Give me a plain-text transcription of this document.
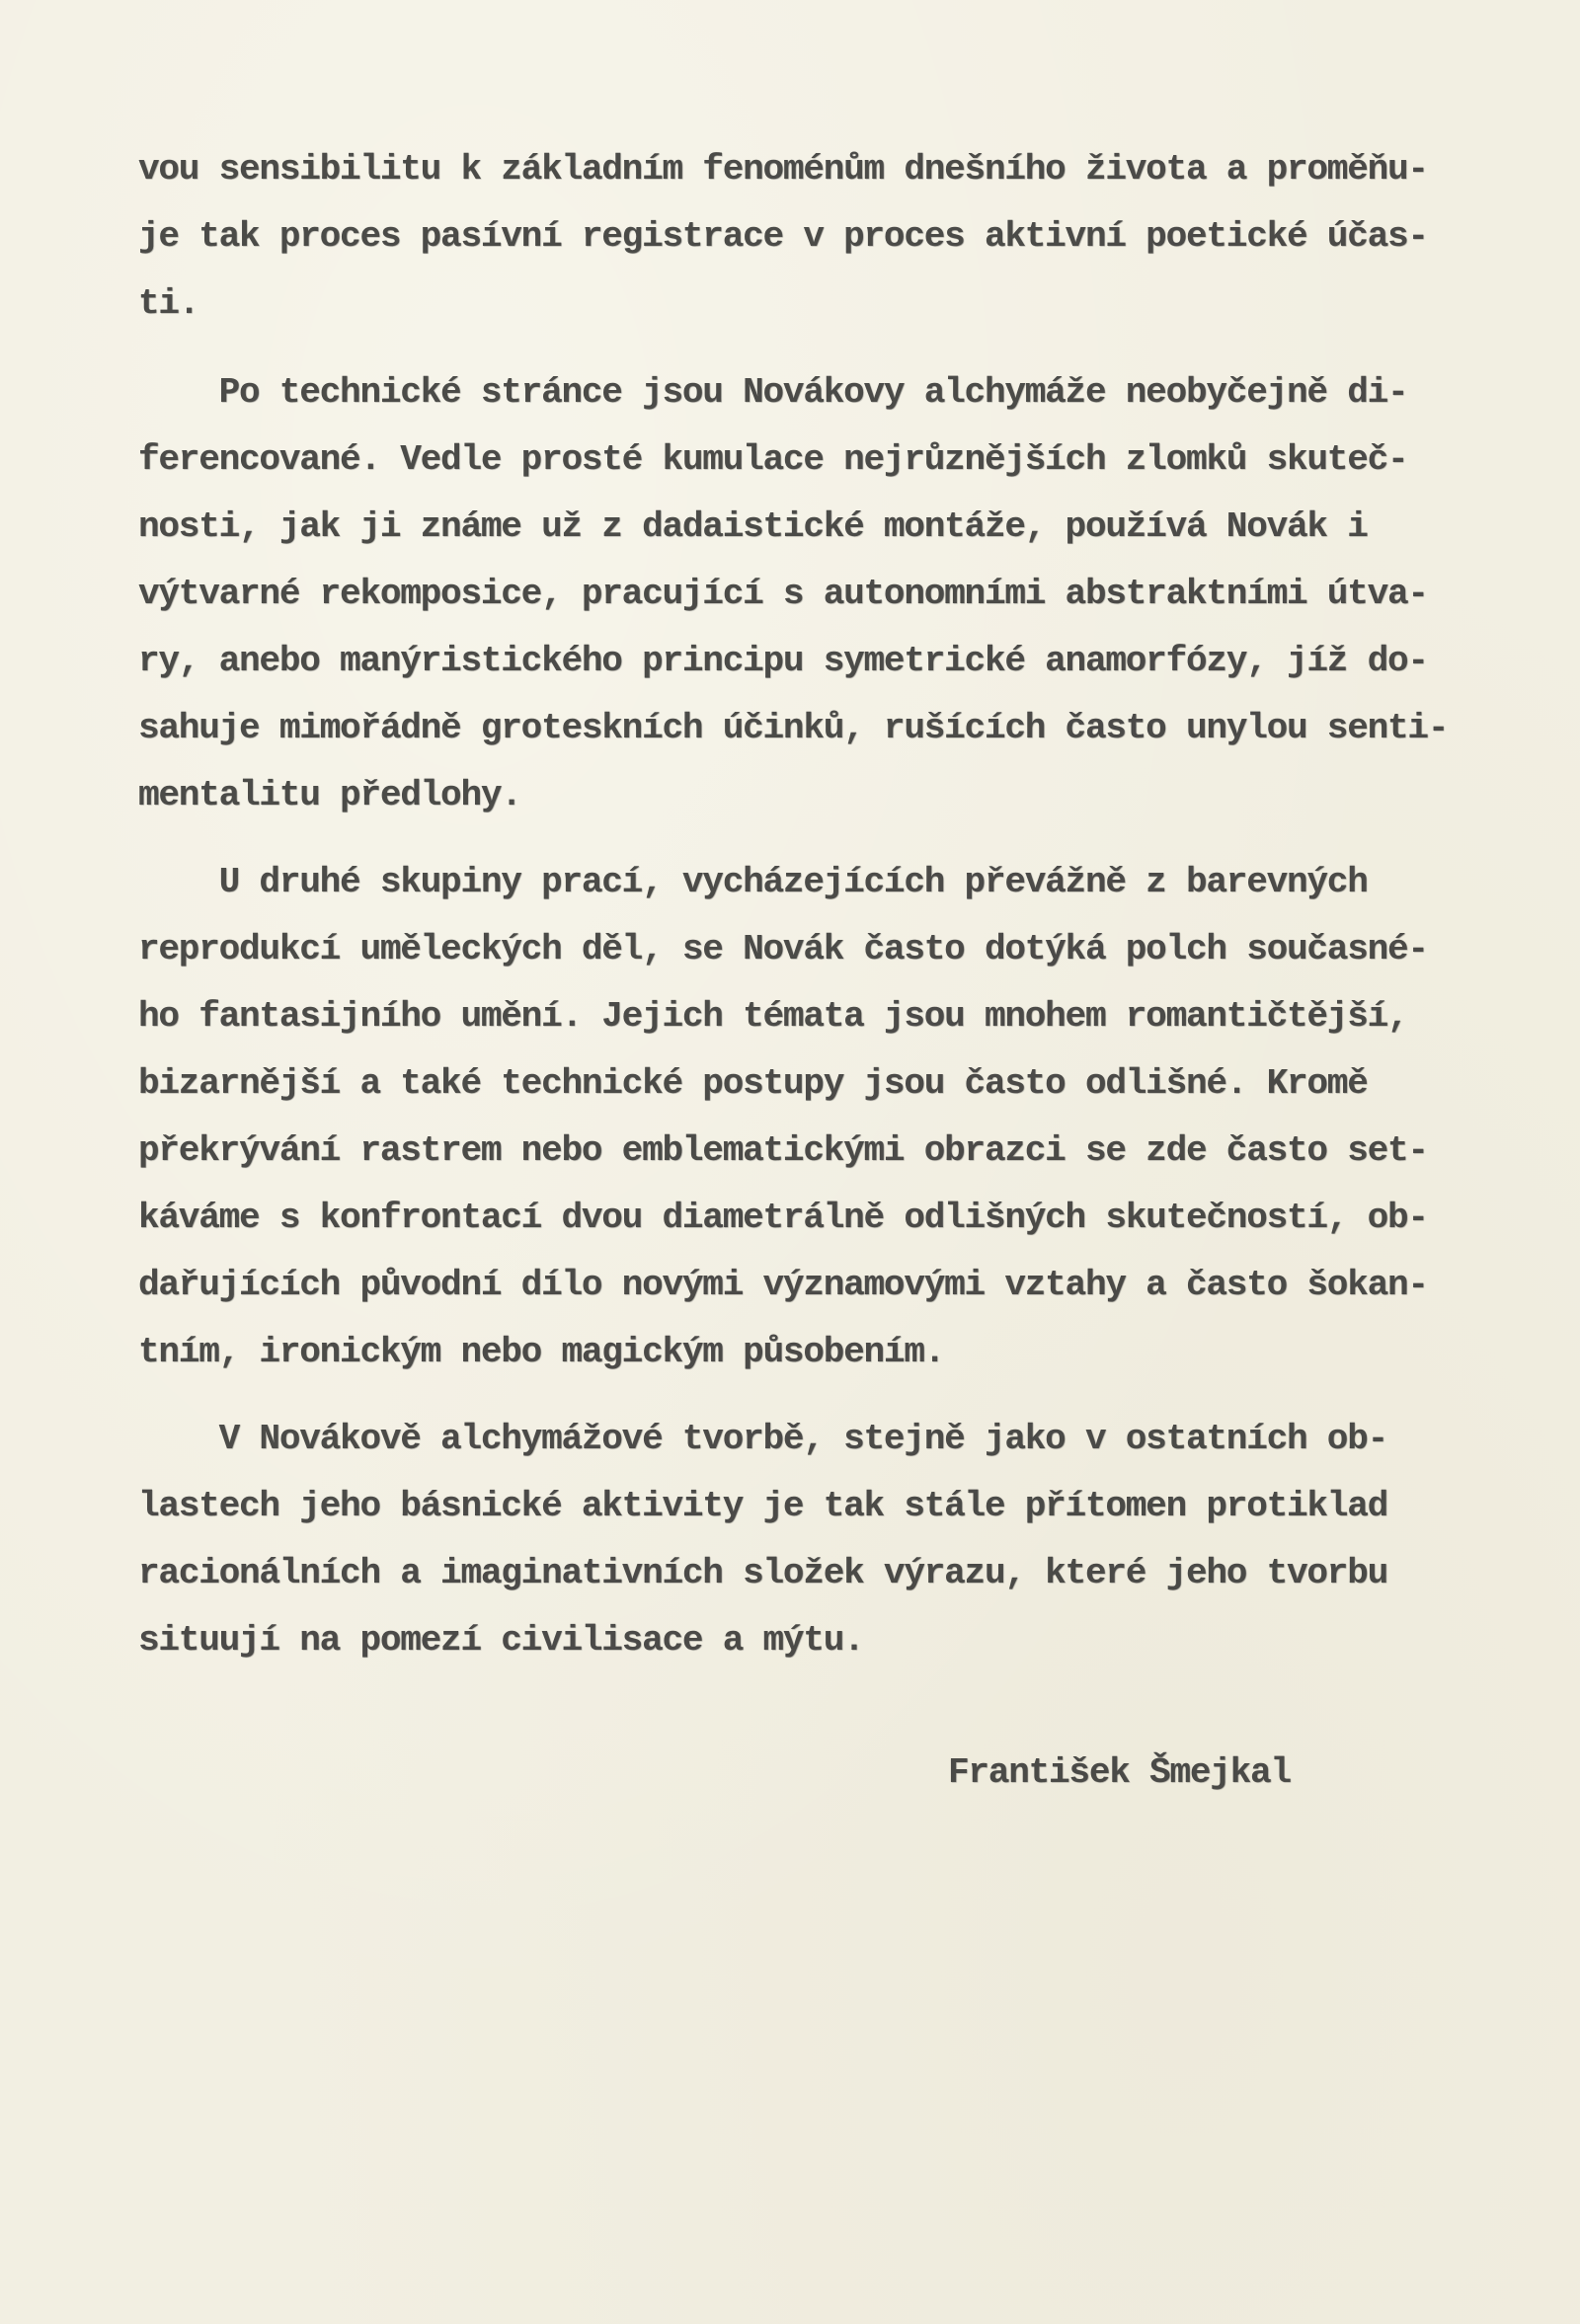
vou sensibilitu k základním fenoménům dnešního života a proměňu-
je tak proces pasívní registrace v proces aktivní poetické účas-
ti.
Po technické stránce jsou Novákovy alchymáže neobyčejně di-
ferencované. Vedle prosté kumulace nejrůznějších zlomků skuteč-
nosti, jak ji známe už z dadaistické montáže, používá Novák i
výtvarné rekomposice, pracující s autonomními abstraktními útva-
ry, anebo manýristického principu symetrické anamorfózy, jíž do-
sahuje mimořádně groteskních účinků, rušících často unylou senti-
mentalitu předlohy.
U druhé skupiny prací, vycházejících převážně z barevných
reprodukcí uměleckých děl, se Novák často dotýká polch současné-
ho fantasijního umění. Jejich témata jsou mnohem romantičtější,
bizarnější a také technické postupy jsou často odlišné. Kromě
překrývání rastrem nebo emblematickými obrazci se zde často set-
káváme s konfrontací dvou diametrálně odlišných skutečností, ob-
dařujících původní dílo novými významovými vztahy a často šokan-
tním, ironickým nebo magickým působením.
V Novákově alchymážové tvorbě, stejně jako v ostatních ob-
lastech jeho básnické aktivity je tak stále přítomen protiklad
racionálních a imaginativních složek výrazu, které jeho tvorbu
situují na pomezí civilisace a mýtu.
František Šmejkal
